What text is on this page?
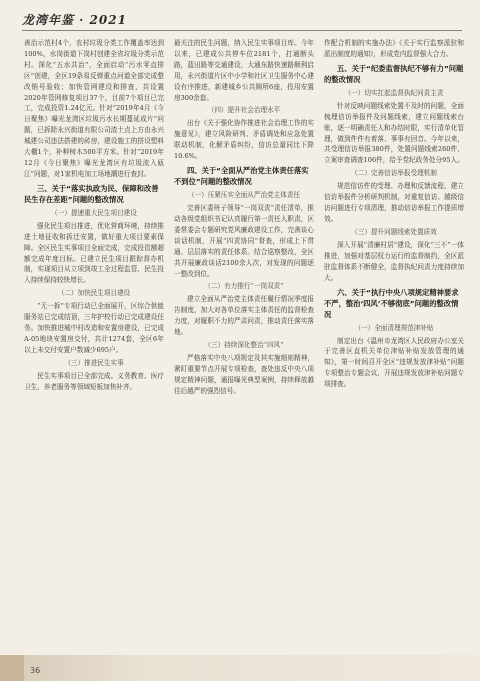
龙湾年鉴 · 2021

善治示范村4个，农村垃圾分类工作覆盖率达到100%，水岗街道下岗村创建全省垃圾分类示范村。深化“五水共治”，全面启动“污水零直排区”创建，全区19条易反弹重点河道全部完成整改销号验收；加快管网建设和排查，共设置2020年管网修复项目37个，目前7个项目已完工，完成投资1.24亿元。针对“2019年4月《今日聚焦》曝光龙湾区垃圾污水长期蔓延成片”问题，已拆除永兴街道有限公司渣土点上方由永兴城建公司违法搭建的砖房，建设施工的搭设塑料大棚1个，补种树木500平方米。针对“2019年12月《今日聚焦》曝光龙湾区有垃圾流入瓯江”问题，对1家机电加工场地潮进行查封。

三、关于“落实执政为民、保障和改善民生存在差距”问题的整改情况
（一）提速重大民生项目建设

强化民生项目推进，优化营商环境，持续推进土地征收和拆迁安置，做好重大项目要素保障。全区民生实事项目全面完成，完成投资额超额完成年度目标。已建立民生项目跟踪督办机制，实现项目从立项到竣工全过程监管，民生投入持续保持较快增长。

（二）加快民生项目建设

“无一拆”专项行动已全面展开，区综合供能服务站已完成结顶，三年护校行动已完成建设任务。加快推进城中村改造和安置房建设，已完成A-05地块安置房交付，共计1274套，全区6年以上未交付安置户数减少695户。

（三）推进民生实事

民生实事项目已全部完成。义务教育、医疗卫生、养老服务等领域短板加快补齐。

最关注的民生问题，纳入民生实事项目库。今年以来，已建成公共停车位2181个，打通断头路，蓝田路等交通建设，大通东路快速路顺利启用，永兴街道片区中小学和社区卫生服务中心建设有序推进，新建城乡公共厕所6座，投用安置房300余套。

（四）提升社会治理水平

出台《关于强化协作推进社会治理工作的实施意见》，建立风险研判、矛盾调处和应急处置联动机制，化解矛盾纠纷，信访总量同比下降10.6%。

四、关于“全面从严治党主体责任落实不到位”问题的整改情况
（一）压紧压实全面从严治党主体责任

完善区委班子领导“一岗双责”责任清单，推动各级党组织书记认真履行第一责任人职责，区委常委会专题研究党风廉政建设工作，完善谈心谈话机制，开展“四责协同”督查，形成上下贯通、层层落实的责任体系。结合巡察整改，全区共开展廉政谈话2100余人次，对发现的问题逐一整改到位。

（二）有力推行“一岗双责”

建立全面从严治党主体责任履行情况季度报告制度，加大对各单位落实主体责任的监督检查力度，对履职不力的严肃问责，推动责任落实落地。

（三）持续深化整治“四风”

严格落实中央八项规定及其实施细则精神，紧盯重要节点开展专项检查，查处违反中央八项规定精神问题，通报曝光典型案例，持续释放越往后越严的强烈信号。

作配合机制的实施办法》《关于实行监察派驻和派出制度的通知》，形成党内监督强大合力。

五、关于“纪委监督执纪不够有力”问题的整改情况
（一）切实扛起监督执纪问责主责

针对反映问题线索处置不及时的问题，全面梳理信访举报件及问题线索，建立问题线索台账，逐一明确责任人和办结时限，实行清单化管理，做到件件有着落、事事有回音。今年以来，共受理信访举报380件，处置问题线索260件，立案审查调查106件，给予党纪政务处分95人。

（二）完善信访举报受理机制

规范信访件的受理、办理和反馈流程，建立信访举报件分析研判机制，对重复信访、越级信访问题进行专项清理，推动信访举报工作提质增效。

（三）提升问题线索处置质效

深入开展“清廉村居”建设，深化“三不”一体推进，加强对基层权力运行的监督制约，全区派驻监督体系不断健全，监督执纪问责力度持续加大。

六、关于“执行中央八项规定精神要求不严，整治‘四风’不够彻底”问题的整改情况
（一）全面清理规范津补贴

制定出台《温州市龙湾区人民政府办公室关于完善区直机关单位津贴补贴发放管理的通知》，第一时间召开全区“违规发放津补贴”问题专项整治专题会议，开展违规发放津补贴问题专项排查。

36
